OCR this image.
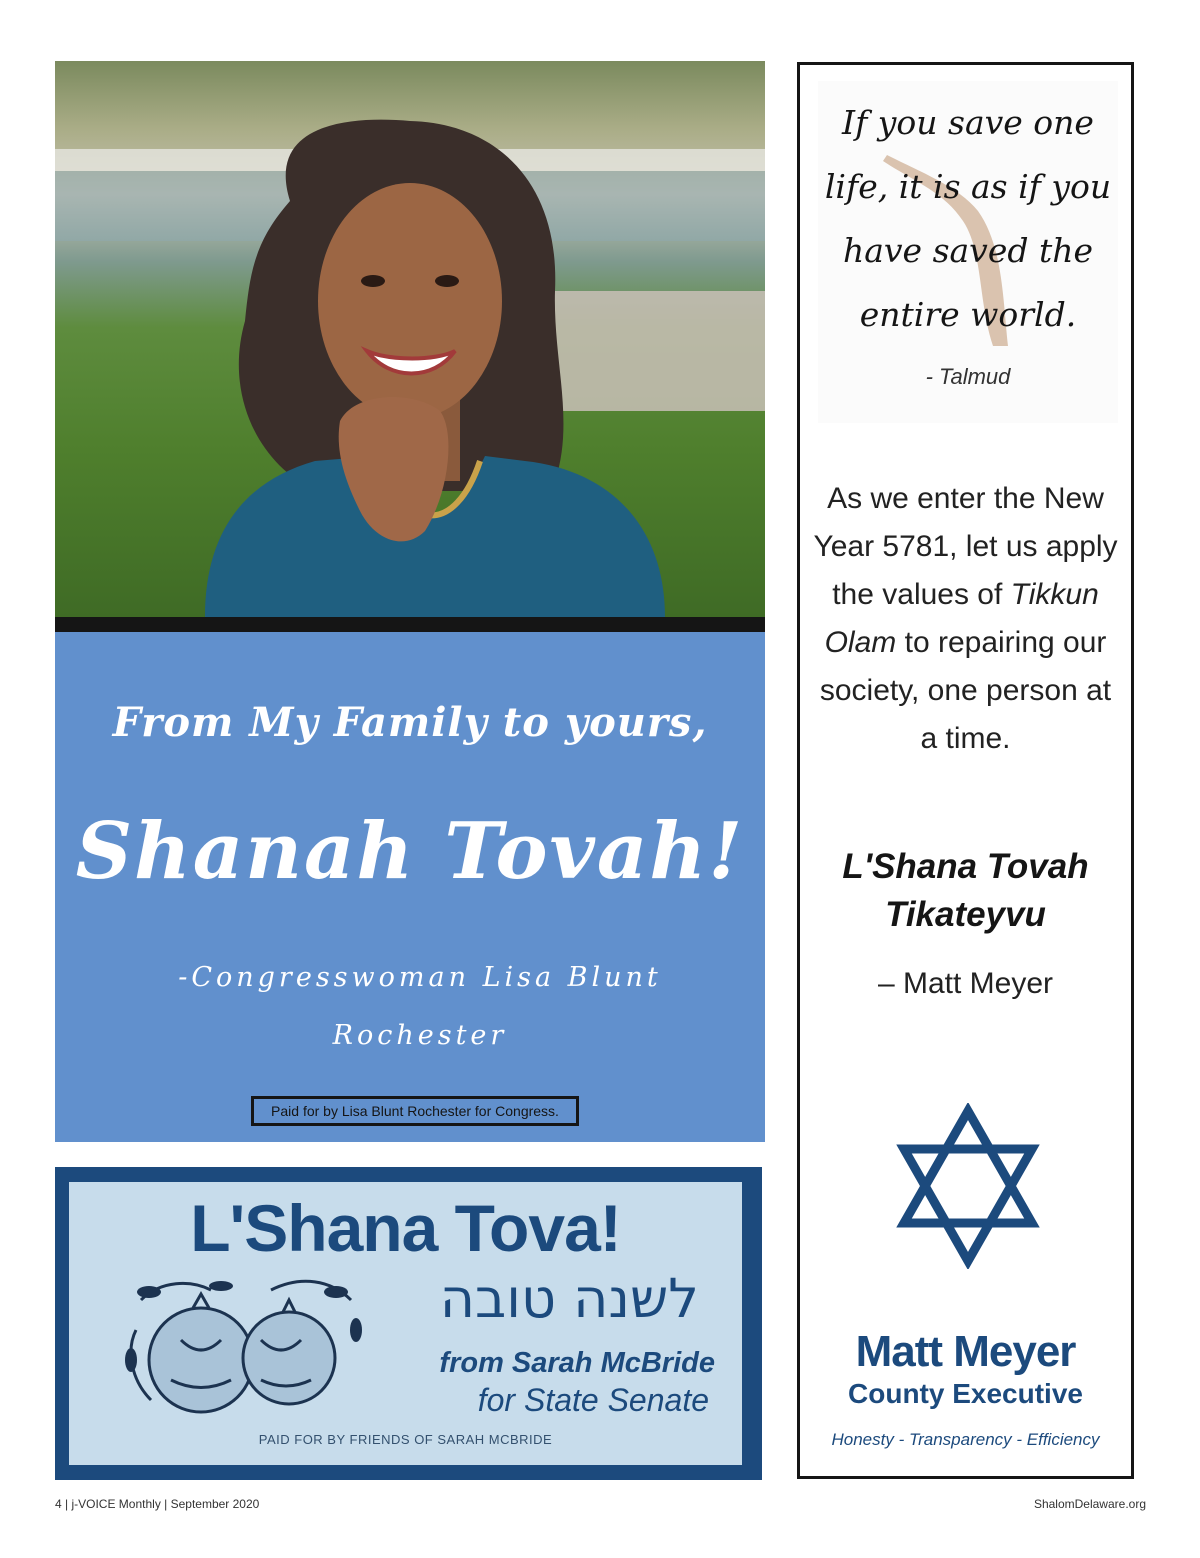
From My Family to yours,
Shanah Tovah!
-Congresswoman Lisa Blunt
Rochester
Paid for by Lisa Blunt Rochester for Congress.
L'Shana Tova!
לשנה טובה
from Sarah McBride
for State Senate
PAID FOR BY FRIENDS OF SARAH MCBRIDE
If you save one
life, it is as if you
have saved the
entire world.
- Talmud
As we enter the New Year 5781, let us apply the values of Tikkun Olam to repairing our society, one person at a time.
L'Shana Tovah
Tikateyvu
– Matt Meyer
Matt Meyer
County Executive
Honesty - Transparency - Efficiency
4 | j-VOICE Monthly | September 2020	ShalomDelaware.org
